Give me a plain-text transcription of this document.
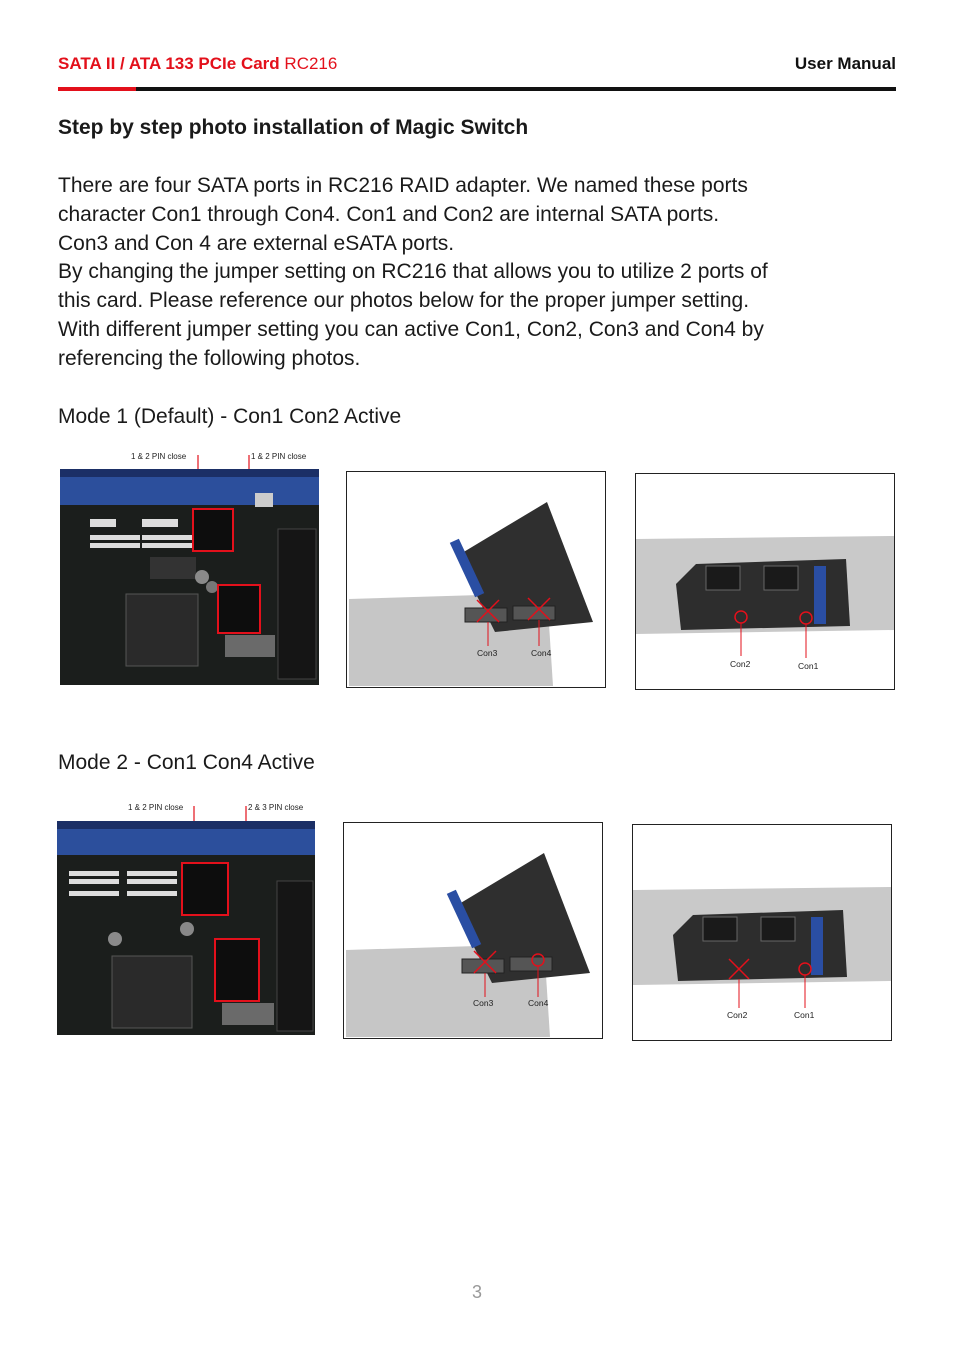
SATA II / ATA 133 PCIe Card RC216	User Manual
Step by step photo installation of Magic Switch
There are four SATA ports in RC216 RAID adapter. We named these ports
character Con1 through Con4. Con1 and Con2 are internal SATA ports.
Con3 and Con 4 are external eSATA ports.
By changing the jumper setting on RC216 that allows you to utilize 2 ports of
this card. Please reference our photos below for the proper jumper setting.
With different jumper setting you can active Con1, Con2, Con3 and Con4 by
referencing the following photos.
Mode 1 (Default) - Con1 Con2 Active
1 & 2 PIN close	1 & 2 PIN close
Con3	Con4
Con2	Con1
Mode 2 - Con1 Con4 Active
1 & 2 PIN close	2 & 3 PIN close
Con3	Con4
Con2	Con1
3
